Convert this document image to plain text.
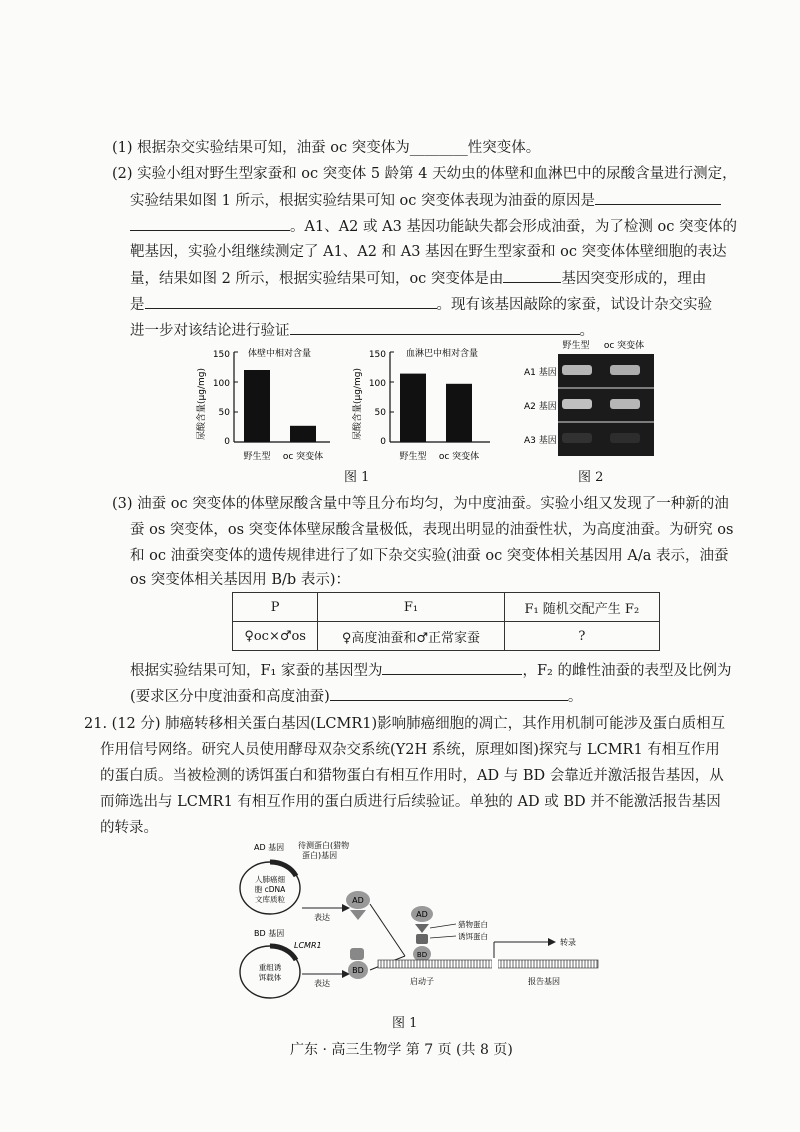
(1) 根据杂交实验结果可知，油蚕 oc 突变体为________性突变体。
(2) 实验小组对野生型家蚕和 oc 突变体 5 龄第 4 天幼虫的体壁和血淋巴中的尿酸含量进行测定，
实验结果如图 1 所示，根据实验结果可知 oc 突变体表现为油蚕的原因是
。A1、A2 或 A3 基因功能缺失都会形成油蚕，为了检测 oc 突变体的
靶基因，实验小组继续测定了 A1、A2 和 A3 基因在野生型家蚕和 oc 突变体体壁细胞的表达
量，结果如图 2 所示，根据实验结果可知，oc 突变体是由	基因突变形成的，理由
是	。现有该基因敲除的家蚕，试设计杂交实验
进一步对该结论进行验证	。
尿酸含量(μg/mg)
150
100
50
0
体壁中相对含量
野生型 oc 突变体
尿酸含量(μg/mg)
150
100
50
0
血淋巴中相对含量
野生型 oc 突变体
图 1
野生型 oc 突变体
A1 基因
A2 基因
A3 基因
图 2
(3) 油蚕 oc 突变体的体壁尿酸含量中等且分布均匀，为中度油蚕。实验小组又发现了一种新的油
蚕 os 突变体，os 突变体体壁尿酸含量极低，表现出明显的油蚕性状，为高度油蚕。为研究 os
和 oc 油蚕突变体的遗传规律进行了如下杂交实验(油蚕 oc 突变体相关基因用 A/a 表示，油蚕
os 突变体相关基因用 B/b 表示)：
P	F₁	F₁ 随机交配产生 F₂
♀oc×♂os	♀高度油蚕和♂正常家蚕	?
根据实验结果可知，F₁ 家蚕的基因型为	，F₂ 的雌性油蚕的表型及比例为
(要求区分中度油蚕和高度油蚕)	。
21. (12 分) 肺癌转移相关蛋白基因(LCMR1)影响肺癌细胞的凋亡，其作用机制可能涉及蛋白质相互
作用信号网络。研究人员使用酵母双杂交系统(Y2H 系统，原理如图)探究与 LCMR1 有相互作用
的蛋白质。当被检测的诱饵蛋白和猎物蛋白有相互作用时，AD 与 BD 会靠近并激活报告基因，从
而筛选出与 LCMR1 有相互作用的蛋白质进行后续验证。单独的 AD 或 BD 并不能激活报告基因
的转录。
AD 基因 待测蛋白(猎物
蛋白)基因
人肺癌细
胞 cDNA
文库质粒
表达
AD
BD 基因
LCMR1
重组诱
饵载体
表达
BD
AD
BD
猎物蛋白
诱饵蛋白
转录
启动子	报告基因
图 1
广东 · 高三生物学 第 7 页 (共 8 页)
